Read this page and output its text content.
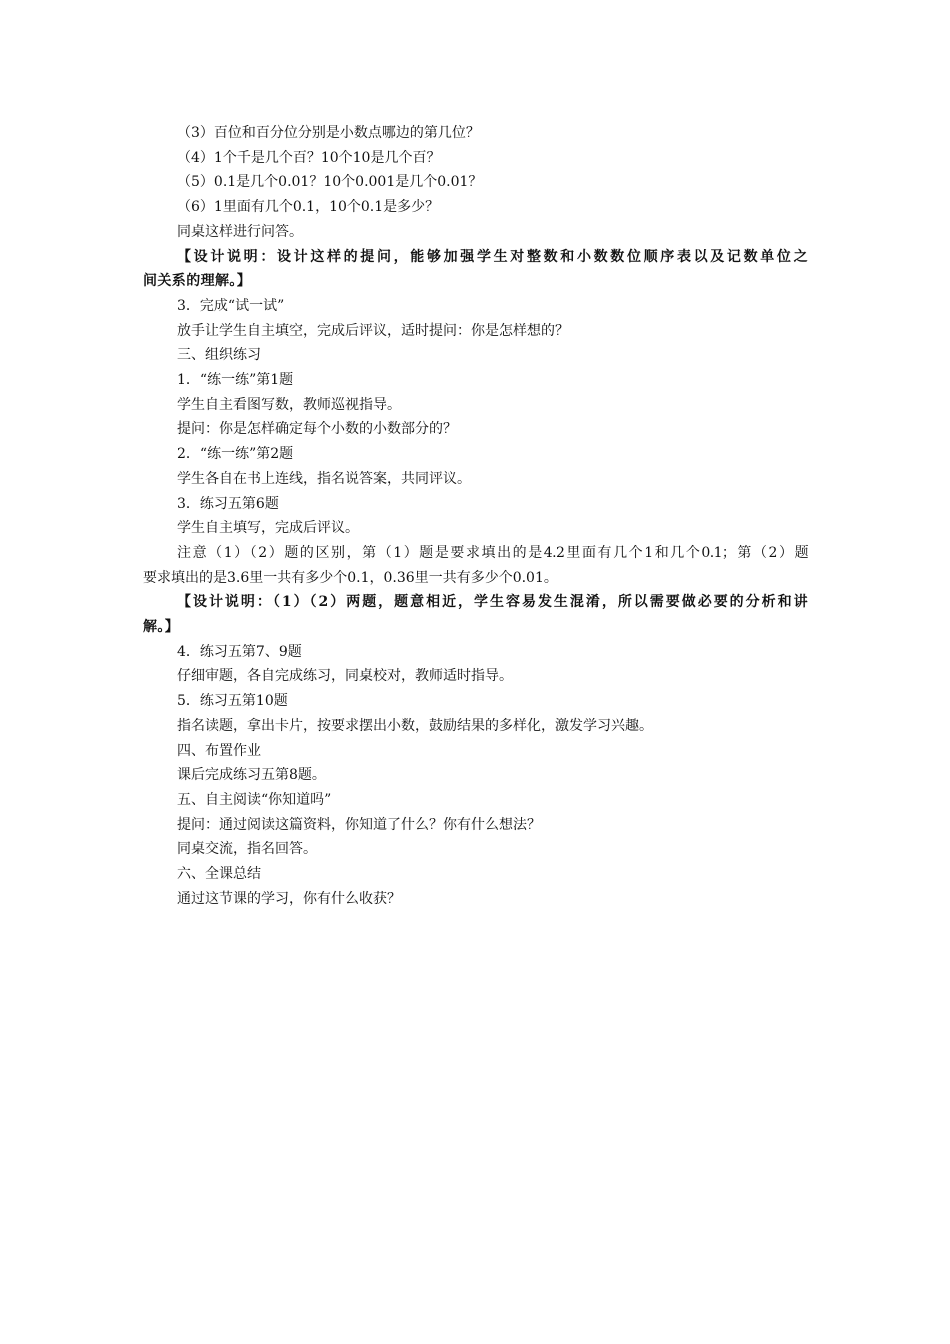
（3）百位和百分位分别是小数点哪边的第几位？
（4）1个千是几个百？10个10是几个百？
（5）0.1是几个0.01？10个0.001是几个0.01？
（6）1里面有几个0.1，10个0.1是多少？
同桌这样进行问答。
【设计说明：设计这样的提问，能够加强学生对整数和小数数位顺序表以及记数单位之
间关系的理解。】
3．完成“试一试”
放手让学生自主填空，完成后评议，适时提问：你是怎样想的？
三、组织练习
1．“练一练”第1题
学生自主看图写数，教师巡视指导。
提问：你是怎样确定每个小数的小数部分的？
2．“练一练”第2题
学生各自在书上连线，指名说答案，共同评议。
3．练习五第6题
学生自主填写，完成后评议。
注意（1）（2）题的区别，第（1）题是要求填出的是4.2里面有几个1和几个0.1；第（2）题
要求填出的是3.6里一共有多少个0.1，0.36里一共有多少个0.01。
【设计说明：（1）（2）两题，题意相近，学生容易发生混淆，所以需要做必要的分析和讲
解。】
4．练习五第7、9题
仔细审题，各自完成练习，同桌校对，教师适时指导。
5．练习五第10题
指名读题，拿出卡片，按要求摆出小数，鼓励结果的多样化，激发学习兴趣。
四、布置作业
课后完成练习五第8题。
五、自主阅读“你知道吗”
提问：通过阅读这篇资料，你知道了什么？你有什么想法？
同桌交流，指名回答。
六、全课总结
通过这节课的学习，你有什么收获？
